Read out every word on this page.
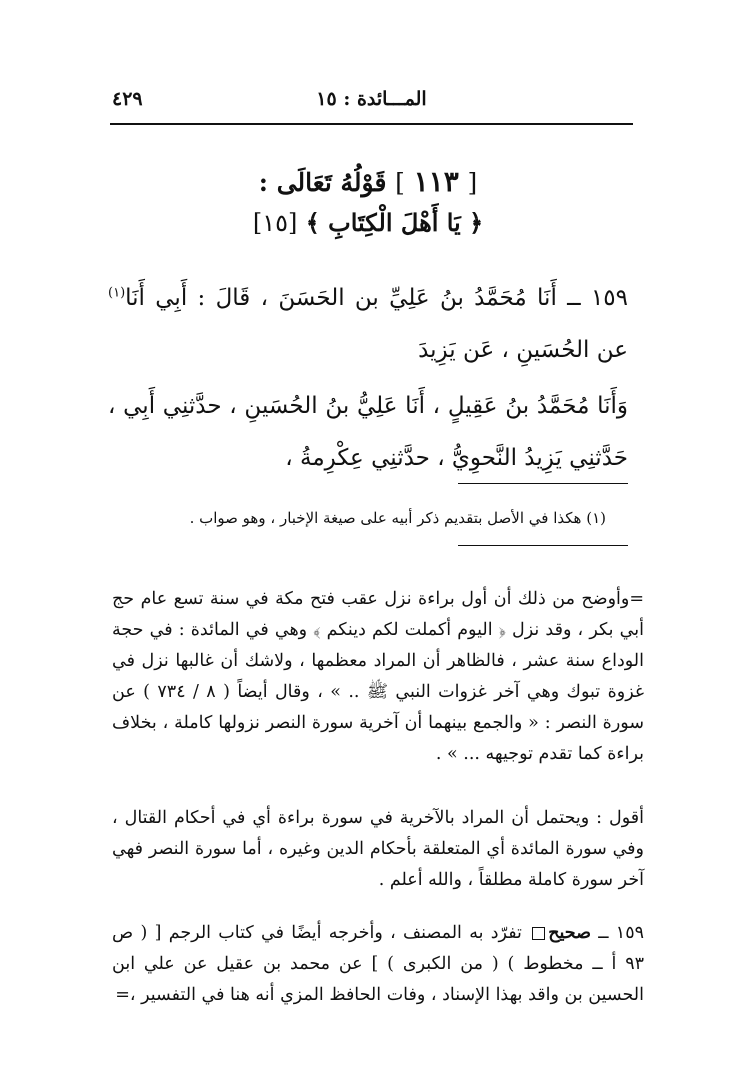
المـــائدة : ١٥
٤٢٩
[ ١١٣ ] قَوْلُهُ تَعَالَى :
﴿ يَا أَهْلَ الْكِتَابِ ﴾ [١٥]

١٥٩ ــ أَنَا مُحَمَّدُ بنُ عَلِيِّ بن الحَسَنَ ، قَالَ : أَبِي أَنَا$^{(١)}$ عن الحُسَينِ ، عَن يَزِيدَ

وَأَنَا مُحَمَّدُ بنُ عَقِيلٍ ، أَنَا عَلِيُّ بنُ الحُسَينِ ، حدَّثنِي أَبِي ، حَدَّثنِي يَزِيدُ النَّحوِيُّ ، حدَّثنِي عِكْرِمةُ ،

(١) هكذا في الأصل بتقديم ذكر أبيه على صيغة الإخبار ، وهو صواب .

=وأوضح من ذلك أن أول براءة نزل عقب فتح مكة في سنة تسع عام حج أبي بكر ، وقد نزل ﴿ اليوم أكملت لكم دينكم ﴾ وهي في المائدة : في حجة الوداع سنة عشر ، فالظاهر أن المراد معظمها ، ولاشك أن غالبها نزل في غزوة تبوك وهي آخر غزوات النبي ﷺ .. » ، وقال أيضاً ( ٨ / ٧٣٤ ) عن سورة النصر : « والجمع بينهما أن آخرية سورة النصر نزولها كاملة ، بخلاف براءة كما تقدم توجيهه ... » .

أقول : ويحتمل أن المراد بالآخرية في سورة براءة أي في أحكام القتال ، وفي سورة المائدة أي المتعلقة بأحكام الدين وغيره ، أما سورة النصر فهي آخر سورة كاملة مطلقاً ، والله أعلم .

١٥٩ ــ صحيح تفرّد به المصنف ، وأخرجه أيضًا في كتاب الرجم [ ( ص ٩٣ أ ــ مخطوط ) ( من الكبرى ) ] عن محمد بن عقيل عن علي ابن الحسين بن واقد بهذا الإسناد ، وفات الحافظ المزي أنه هنا في التفسير ،=
